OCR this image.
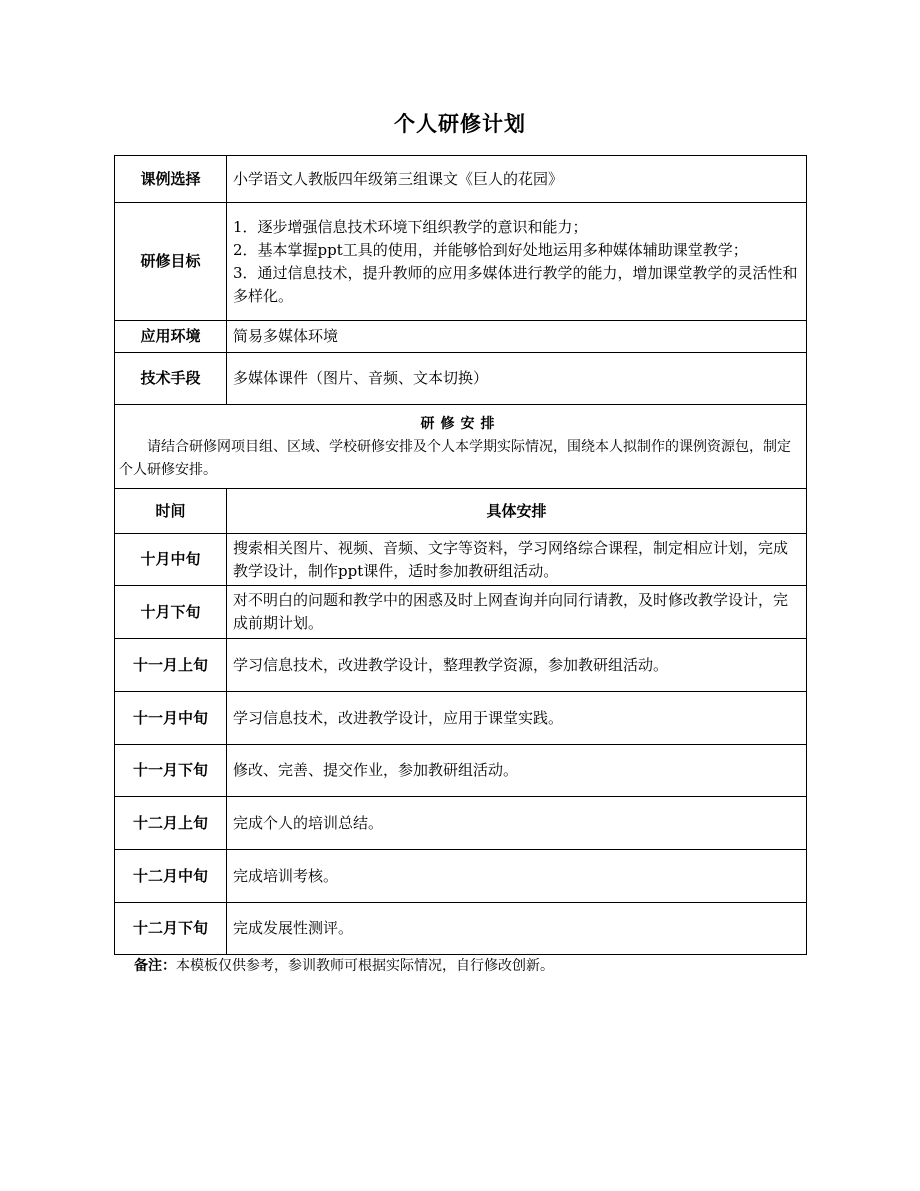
个人研修计划
课例选择	小学语文人教版四年级第三组课文《巨人的花园》
研修目标	1．逐步增强信息技术环境下组织教学的意识和能力；

2．基本掌握ppt工具的使用，并能够恰到好处地运用多种媒体辅助课堂教学；

3．通过信息技术，提升教师的应用多媒体进行教学的能力，增加课堂教学的灵活性和多样化。

应用环境	简易多媒体环境
技术手段	多媒体课件（图片、音频、文本切换）

研修安排
请结合研修网项目组、区域、学校研修安排及个人本学期实际情况，围绕本人拟制作的课例资源包，制定个人研修安排。	

时间	具体安排
十月中旬	搜索相关图片、视频、音频、文字等资料，学习网络综合课程，制定相应计划，完成教学设计，制作ppt课件，适时参加教研组活动。
十月下旬	对不明白的问题和教学中的困惑及时上网查询并向同行请教，及时修改教学设计，完成前期计划。
十一月上旬	学习信息技术，改进教学设计，整理教学资源，参加教研组活动。
十一月中旬	学习信息技术，改进教学设计，应用于课堂实践。
十一月下旬	修改、完善、提交作业，参加教研组活动。
十二月上旬	完成个人的培训总结。
十二月中旬	完成培训考核。
十二月下旬	完成发展性测评。
备注：本模板仅供参考，参训教师可根据实际情况，自行修改创新。
